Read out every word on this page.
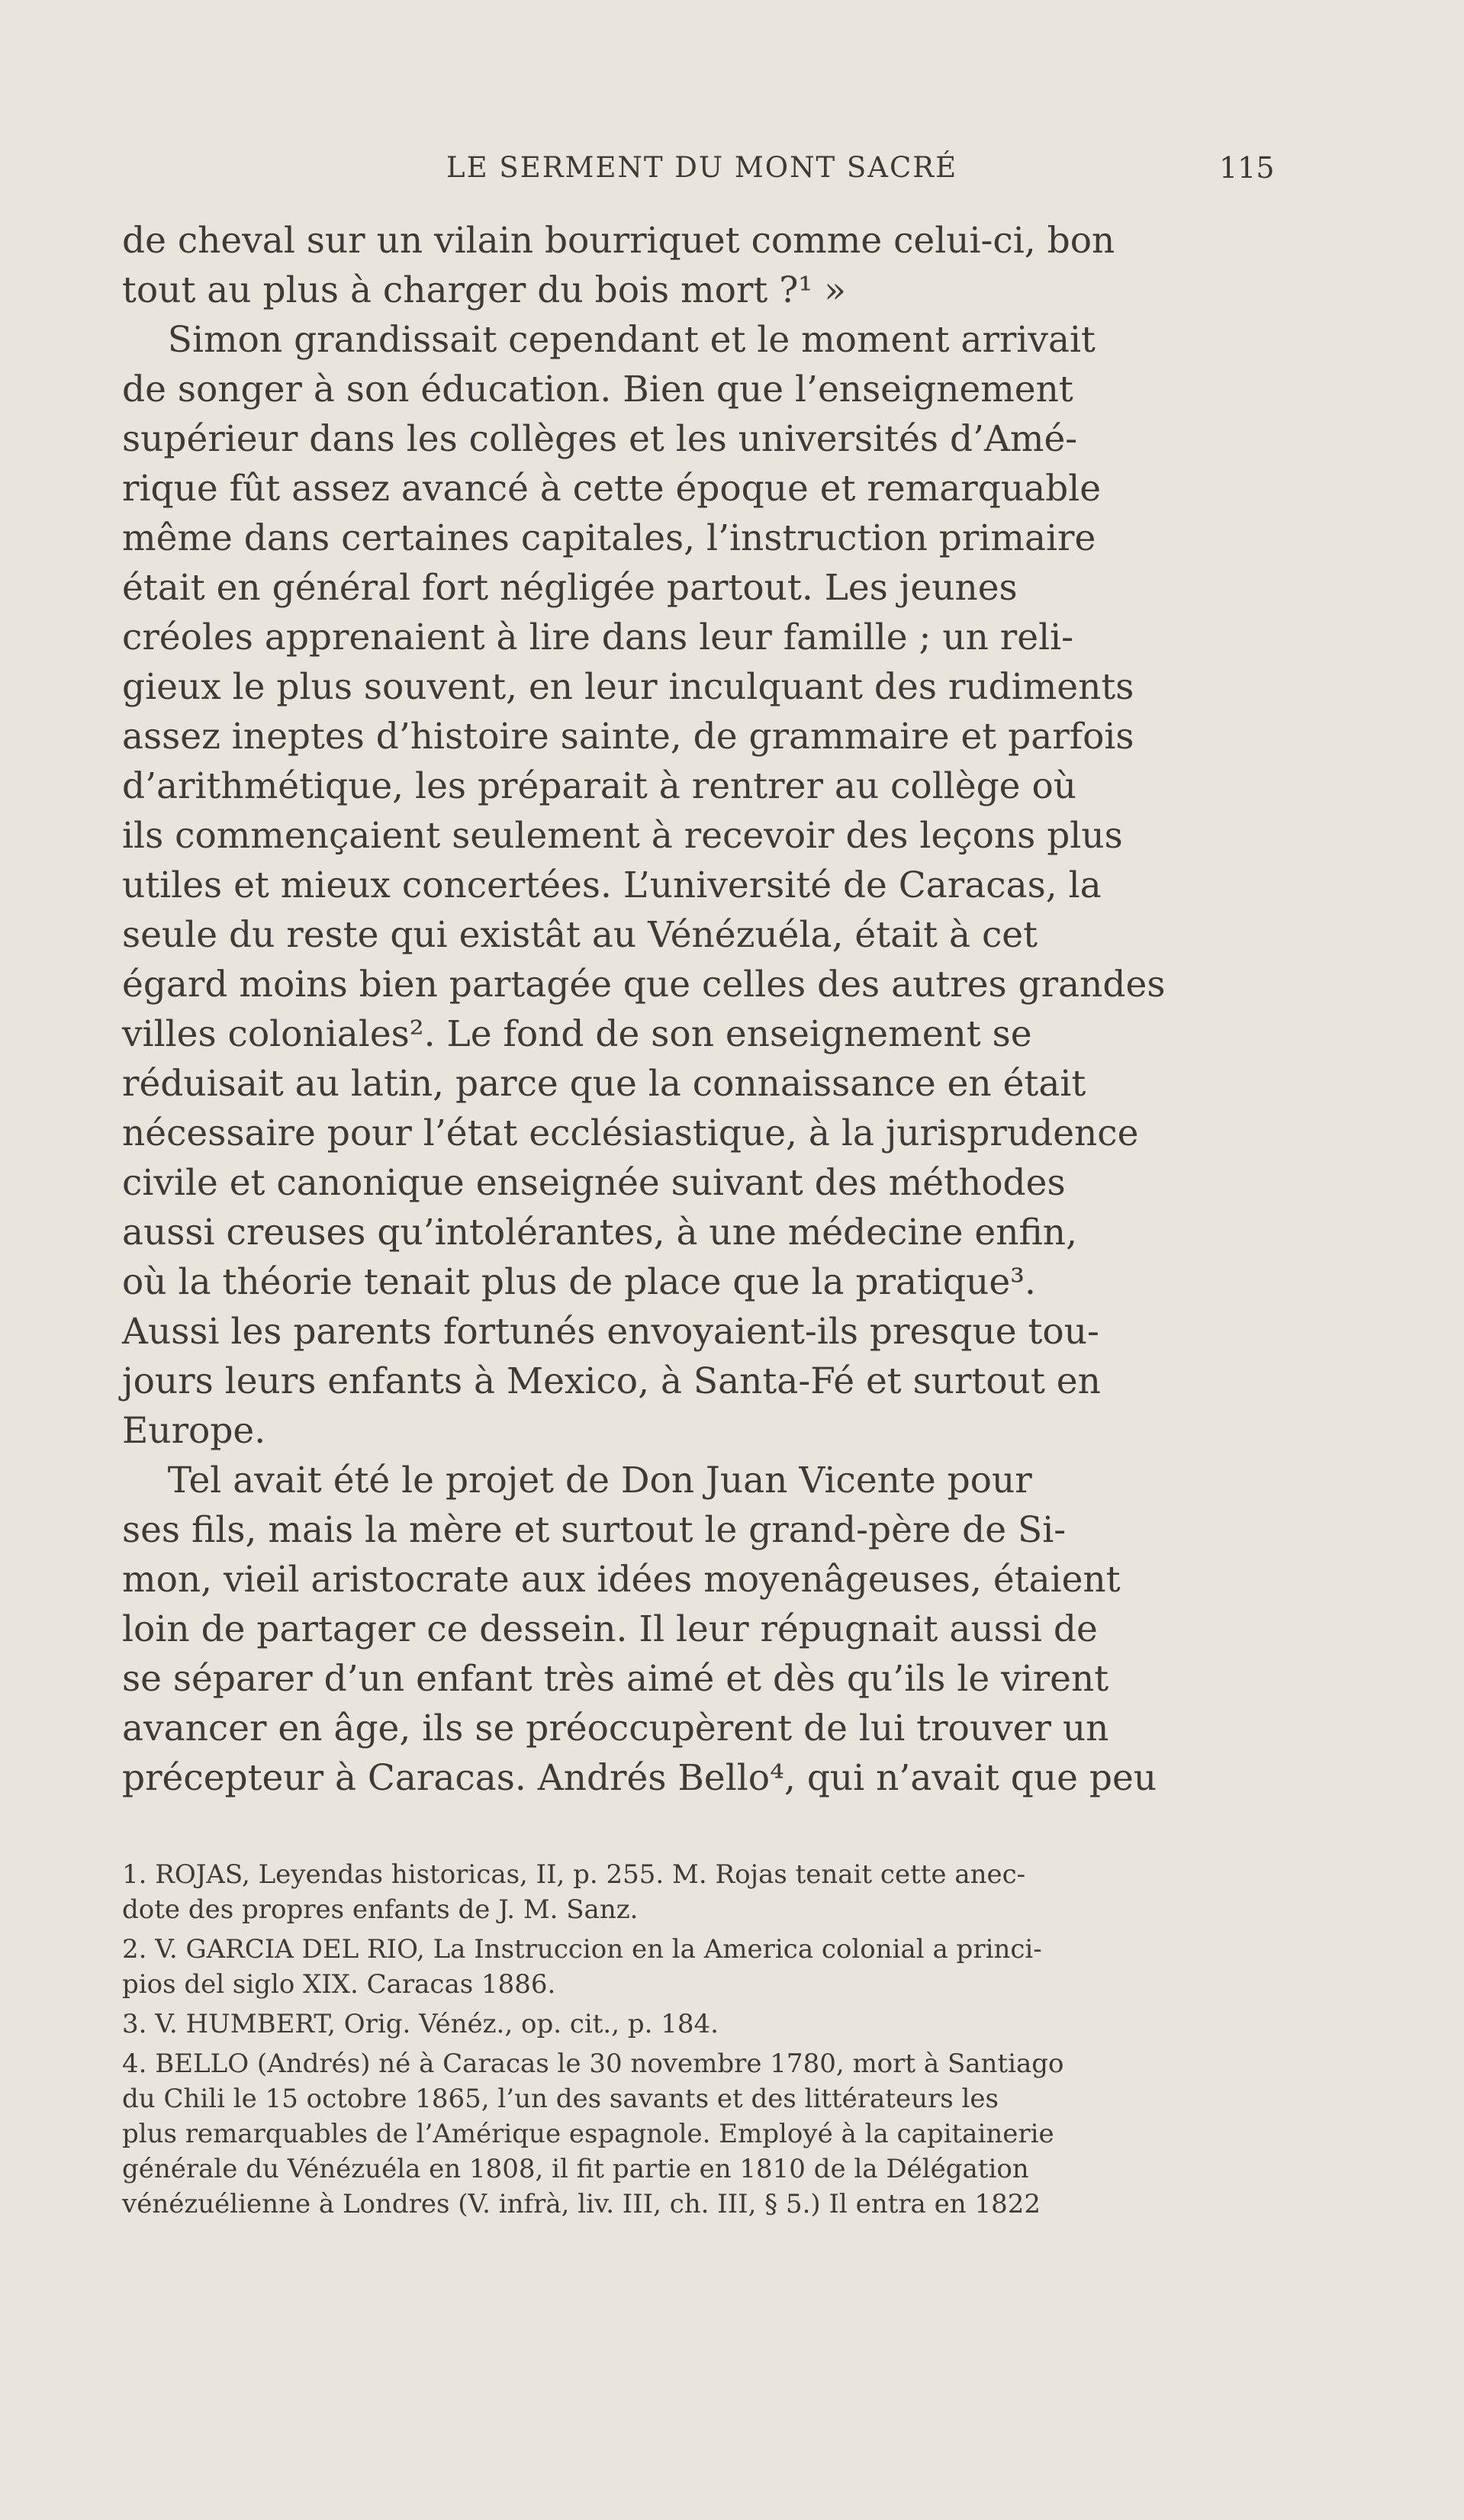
LE SERMENT DU MONT SACRÉ	115
de cheval sur un vilain bourriquet comme celui-ci, bon
tout au plus à charger du bois mort ?¹ »
Simon grandissait cependant et le moment arrivait
de songer à son éducation. Bien que l’enseignement
supérieur dans les collèges et les universités d’Amé-
rique fût assez avancé à cette époque et remarquable
même dans certaines capitales, l’instruction primaire
était en général fort négligée partout. Les jeunes
créoles apprenaient à lire dans leur famille ; un reli-
gieux le plus souvent, en leur inculquant des rudiments
assez ineptes d’histoire sainte, de grammaire et parfois
d’arithmétique, les préparait à rentrer au collège où
ils commençaient seulement à recevoir des leçons plus
utiles et mieux concertées. L’université de Caracas, la
seule du reste qui existât au Vénézuéla, était à cet
égard moins bien partagée que celles des autres grandes
villes coloniales². Le fond de son enseignement se
réduisait au latin, parce que la connaissance en était
nécessaire pour l’état ecclésiastique, à la jurisprudence
civile et canonique enseignée suivant des méthodes
aussi creuses qu’intolérantes, à une médecine enfin,
où la théorie tenait plus de place que la pratique³.
Aussi les parents fortunés envoyaient-ils presque tou-
jours leurs enfants à Mexico, à Santa-Fé et surtout en
Europe.
Tel avait été le projet de Don Juan Vicente pour
ses fils, mais la mère et surtout le grand-père de Si-
mon, vieil aristocrate aux idées moyenâgeuses, étaient
loin de partager ce dessein. Il leur répugnait aussi de
se séparer d’un enfant très aimé et dès qu’ils le virent
avancer en âge, ils se préoccupèrent de lui trouver un
précepteur à Caracas. Andrés Bello⁴, qui n’avait que peu
1. ROJAS, Leyendas historicas, II, p. 255. M. Rojas tenait cette anec-
dote des propres enfants de J. M. Sanz.
2. V. GARCIA DEL RIO, La Instruccion en la America colonial a princi-
pios del siglo XIX. Caracas 1886.
3. V. HUMBERT, Orig. Vénéz., op. cit., p. 184.
4. BELLO (Andrés) né à Caracas le 30 novembre 1780, mort à Santiago
du Chili le 15 octobre 1865, l’un des savants et des littérateurs les
plus remarquables de l’Amérique espagnole. Employé à la capitainerie
générale du Vénézuéla en 1808, il fit partie en 1810 de la Délégation
vénézuélienne à Londres (V. infrà, liv. III, ch. III, § 5.) Il entra en 1822
